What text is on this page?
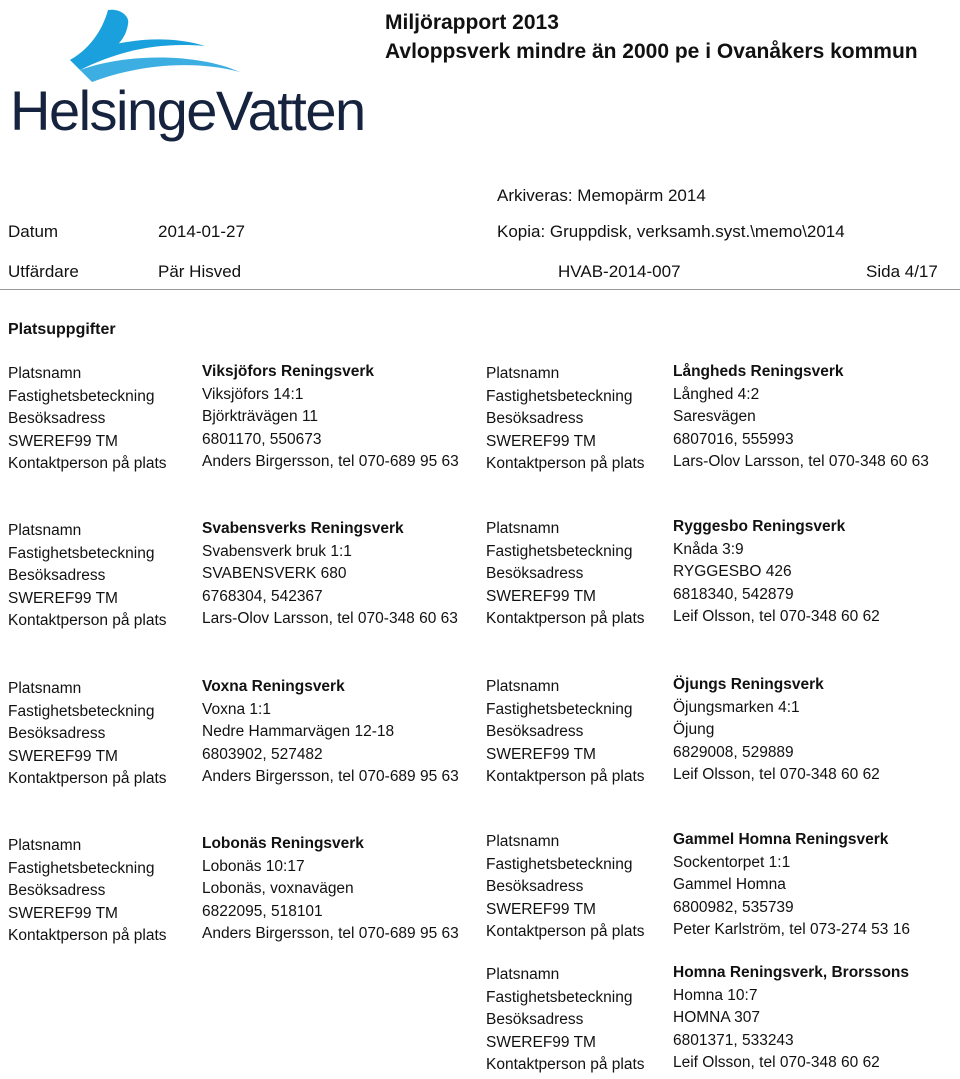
HelsingeVatten
Miljörapport 2013
Avloppsverk mindre än 2000 pe i Ovanåkers kommun
Arkiveras: Memopärm 2014
Datum	2014-01-27	Kopia: Gruppdisk, verksamh.syst.\memo\2014
Utfärdare	Pär Hisved	HVAB-2014-007	Sida 4/17
Platsuppgifter
Platsnamn	Viksjöfors Reningsverk
Fastighetsbeteckning	Viksjöfors 14:1
Besöksadress	Björkträvägen 11
SWEREF99 TM	6801170, 550673
Kontaktperson på plats Anders Birgersson, tel 070-689 95 63
Platsnamn	Långheds Reningsverk
Fastighetsbeteckning	Långhed 4:2
Besöksadress	Saresvägen
SWEREF99 TM	6807016, 555993
Kontaktperson på plats Lars-Olov Larsson, tel 070-348 60 63
Platsnamn	Svabensverks Reningsverk
Fastighetsbeteckning	Svabensverk bruk 1:1
Besöksadress	SVABENSVERK 680
SWEREF99 TM	6768304, 542367
Kontaktperson på plats Lars-Olov Larsson, tel 070-348 60 63
Platsnamn	Ryggesbo Reningsverk
Fastighetsbeteckning	Knåda 3:9
Besöksadress	RYGGESBO 426
SWEREF99 TM	6818340, 542879
Kontaktperson på plats Leif Olsson, tel 070-348 60 62
Platsnamn	Voxna Reningsverk
Fastighetsbeteckning	Voxna 1:1
Besöksadress	Nedre Hammarvägen 12-18
SWEREF99 TM	6803902, 527482
Kontaktperson på plats Anders Birgersson, tel 070-689 95 63
Platsnamn	Öjungs Reningsverk
Fastighetsbeteckning	Öjungsmarken 4:1
Besöksadress	Öjung
SWEREF99 TM	6829008, 529889
Kontaktperson på plats Leif Olsson, tel 070-348 60 62
Platsnamn	Lobonäs Reningsverk
Fastighetsbeteckning	Lobonäs 10:17
Besöksadress	Lobonäs, voxnavägen
SWEREF99 TM	6822095, 518101
Kontaktperson på plats Anders Birgersson, tel 070-689 95 63
Platsnamn	Gammel Homna Reningsverk
Fastighetsbeteckning	Sockentorpet 1:1
Besöksadress	Gammel Homna
SWEREF99 TM	6800982, 535739
Kontaktperson på plats Peter Karlström, tel 073-274 53 16
Platsnamn	Homna Reningsverk, Brorssons
Fastighetsbeteckning	Homna 10:7
Besöksadress	HOMNA 307
SWEREF99 TM	6801371, 533243
Kontaktperson på plats Leif Olsson, tel 070-348 60 62
